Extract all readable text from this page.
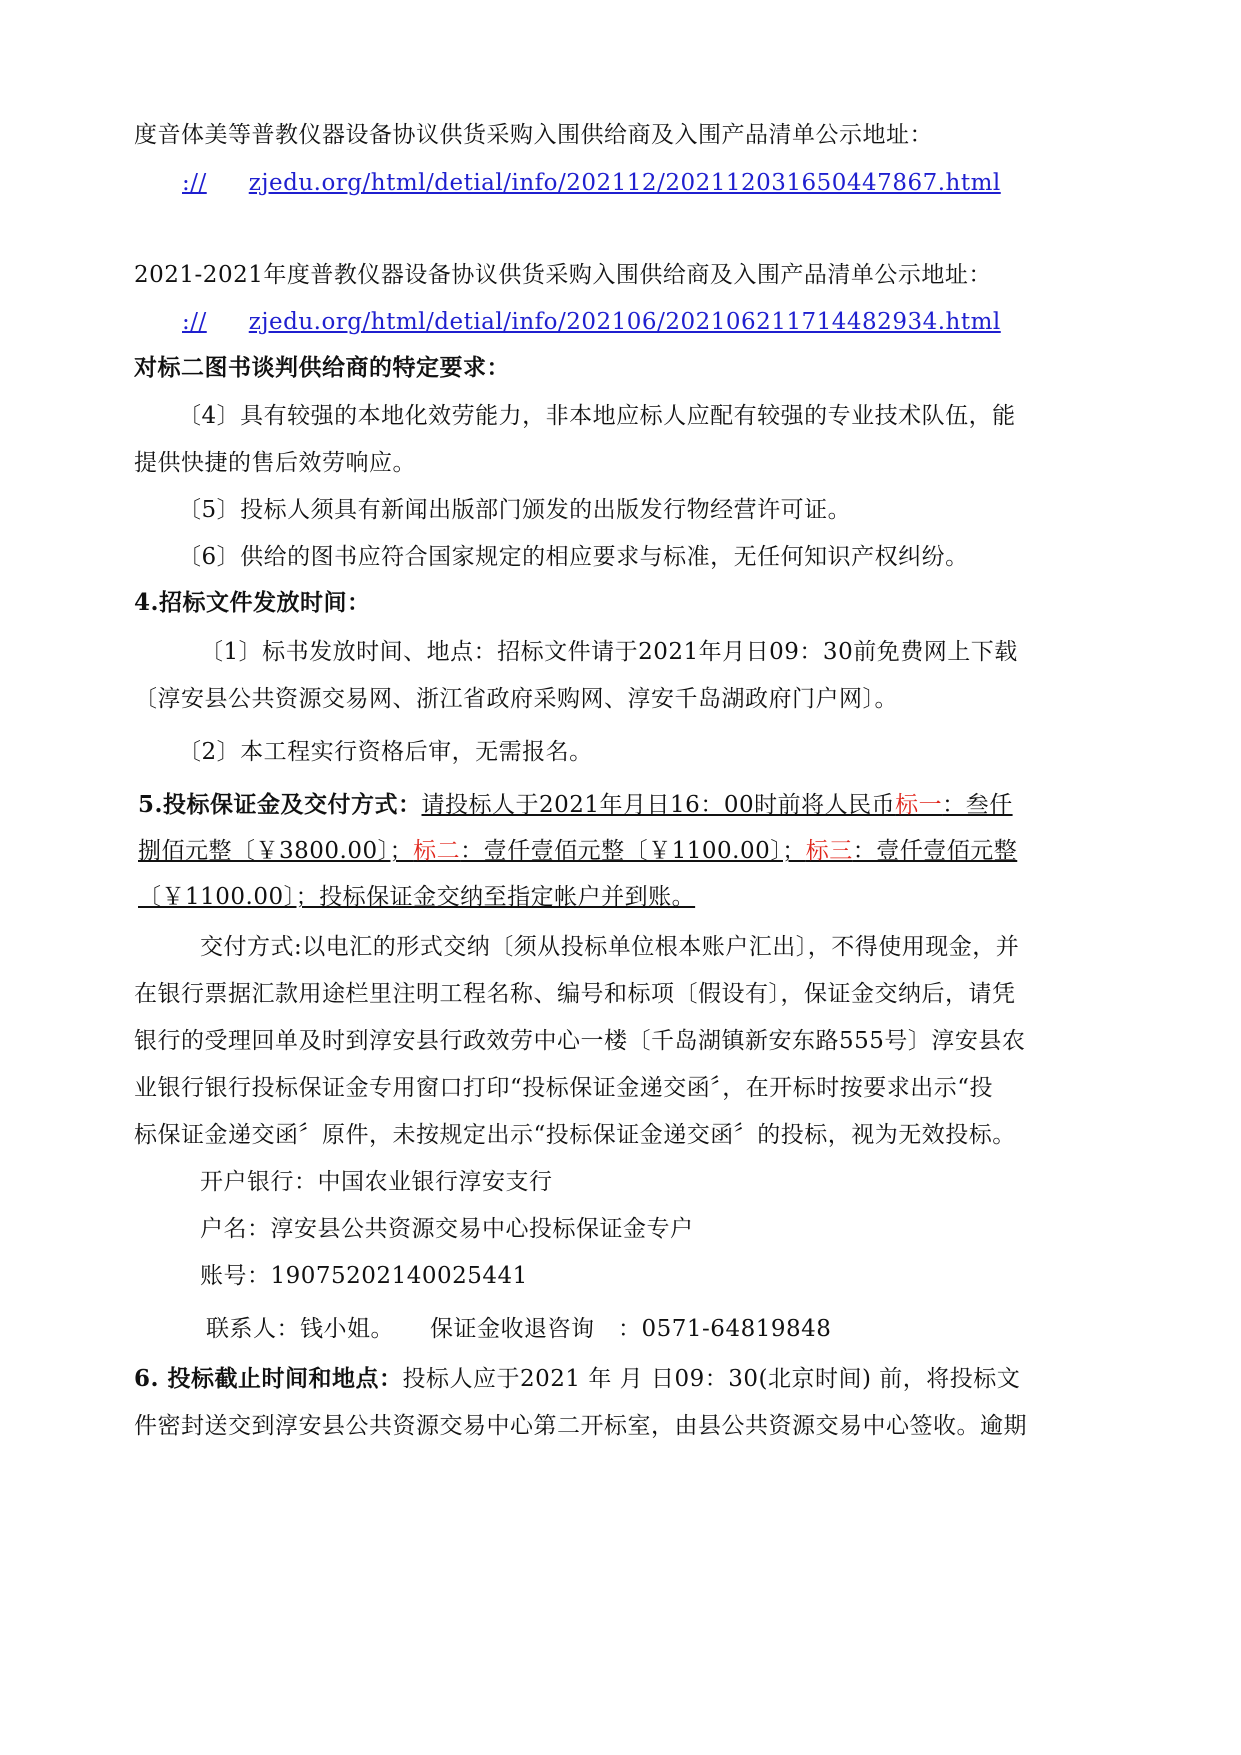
度音体美等普教仪器设备协议供货采购入围供给商及入围产品清单公示地址：
:// zjedu.org/html/detial/info/202112/202112031650447867.html
2021-2021年度普教仪器设备协议供货采购入围供给商及入围产品清单公示地址：
:// zjedu.org/html/detial/info/202106/202106211714482934.html
对标二图书谈判供给商的特定要求：
〔4〕具有较强的本地化效劳能力，非本地应标人应配有较强的专业技术队伍，能
提供快捷的售后效劳响应。
〔5〕投标人须具有新闻出版部门颁发的出版发行物经营许可证。
〔6〕供给的图书应符合国家规定的相应要求与标准，无任何知识产权纠纷。
4.招标文件发放时间：
〔1〕标书发放时间、地点：招标文件请于2021年月日09：30前免费网上下载
〔淳安县公共资源交易网、浙江省政府采购网、淳安千岛湖政府门户网〕。
〔2〕本工程实行资格后审，无需报名。
5.投标保证金及交付方式：请投标人于2021年月日16：00时前将人民币标一：叁仟
捌佰元整〔￥3800.00〕；标二：壹仟壹佰元整〔￥1100.00〕；标三：壹仟壹佰元整
〔￥1100.00〕；投标保证金交纳至指定帐户并到账。
交付方式:以电汇的形式交纳〔须从投标单位根本账户汇出〕，不得使用现金，并
在银行票据汇款用途栏里注明工程名称、编号和标项〔假设有〕，保证金交纳后，请凭
银行的受理回单及时到淳安县行政效劳中心一楼〔千岛湖镇新安东路555号〕淳安县农
业银行银行投标保证金专用窗口打印“投标保证金递交函〞，在开标时按要求出示“投
标保证金递交函〞原件，未按规定出示“投标保证金递交函〞的投标，视为无效投标。
开户银行：中国农业银行淳安支行
户名：淳安县公共资源交易中心投标保证金专户
账号：19075202140025441
联系人：钱小姐。 保证金收退咨询　：0571-64819848
6. 投标截止时间和地点：投标人应于2021 年 月 日09：30(北京时间) 前，将投标文
件密封送交到淳安县公共资源交易中心第二开标室，由县公共资源交易中心签收。逾期
